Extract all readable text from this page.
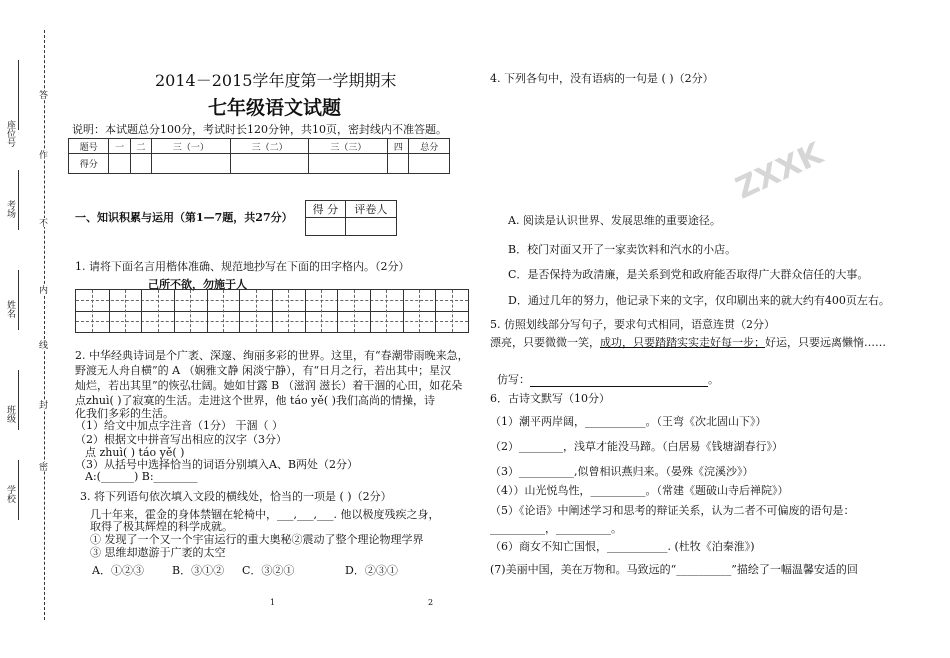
座位号
考场
姓名
班级
学校
答
作
不
内
线
封
密
2014－2015学年度第一学期期末
七年级语文试题
说明：本试题总分100分，考试时长120分钟，共10页，密封线内不准答题。
题号	一	二	三（一）	三（二）	三（三）	四	总分
得分							
一、知识积累与运用（第1—7题，共27分）
得 分	评卷人

1. 请将下面名言用楷体准确、规范地抄写在下面的田字格内。（2分）
己所不欲，勿施于人
2. 中华经典诗词是个广袤、深邃、绚丽多彩的世界。这里，有“春潮带雨晚来急，
野渡无人舟自横”的 A （娴雅文静 闲淡宁静），有“日月之行，若出其中；星汉
灿烂，若出其里”的恢弘壮阔。她如甘露 B （滋润 滋长）着干涸的心田，如花朵
点zhuì( )了寂寞的生活。走进这个世界，他 táo yě( )我们高尚的情操，诗
化我们多彩的生活。
（1）给文中加点字注音（1分） 干涸（ ）
（2）根据文中拼音写出相应的汉字（3分）
点 zhuì( ) táo yě( )
（3）从括号中选择恰当的词语分别填入A、B两处（2分）
A:(______) B:________
3. 将下列语句依次填入文段的横线处，恰当的一项是 ( )（2分）
几十年来，霍金的身体禁锢在轮椅中，___,___,___. 他以极度残疾之身，
取得了极其辉煌的科学成就。
① 发现了一个又一个宇宙运行的重大奥秘②震动了整个理论物理学界
③ 思维却遨游于广袤的太空
A．①②③	B．③①② C．③②①	D．②③①
1	2
4. 下列各句中，没有语病的一句是 ( )（2分）
ZXXK
A. 阅读是认识世界、发展思维的重要途径。
B．校门对面又开了一家卖饮料和汽水的小店。
C．是否保持为政清廉，是关系到党和政府能否取得广大群众信任的大事。
D．通过几年的努力，他记录下来的文字，仅印刷出来的就大约有400页左右。
5. 仿照划线部分写句子，要求句式相同，语意连贯（2分）
漂亮，只要微微一笑，成功，只要踏踏实实走好每一步；好运，只要远离懒惰……
仿写：	。
6．古诗文默写（10分）
（1）潮平两岸阔，___________。（王弯《次北固山下》）
（2）________，浅草才能没马蹄。（白居易《钱塘湖春行》）
（3）__________,似曾相识燕归来。（晏殊《浣溪沙》）
（4））山光悦鸟性，__________。（常建《题破山寺后禅院》）
（5）《论语》中阐述学习和思考的辩证关系，认为二者不可偏废的语句是：
__________，__________。
（6）商女不知亡国恨，___________. (杜牧《泊秦淮》)
(7)美丽中国，美在万物和。马致远的“__________”描绘了一幅温馨安适的回
